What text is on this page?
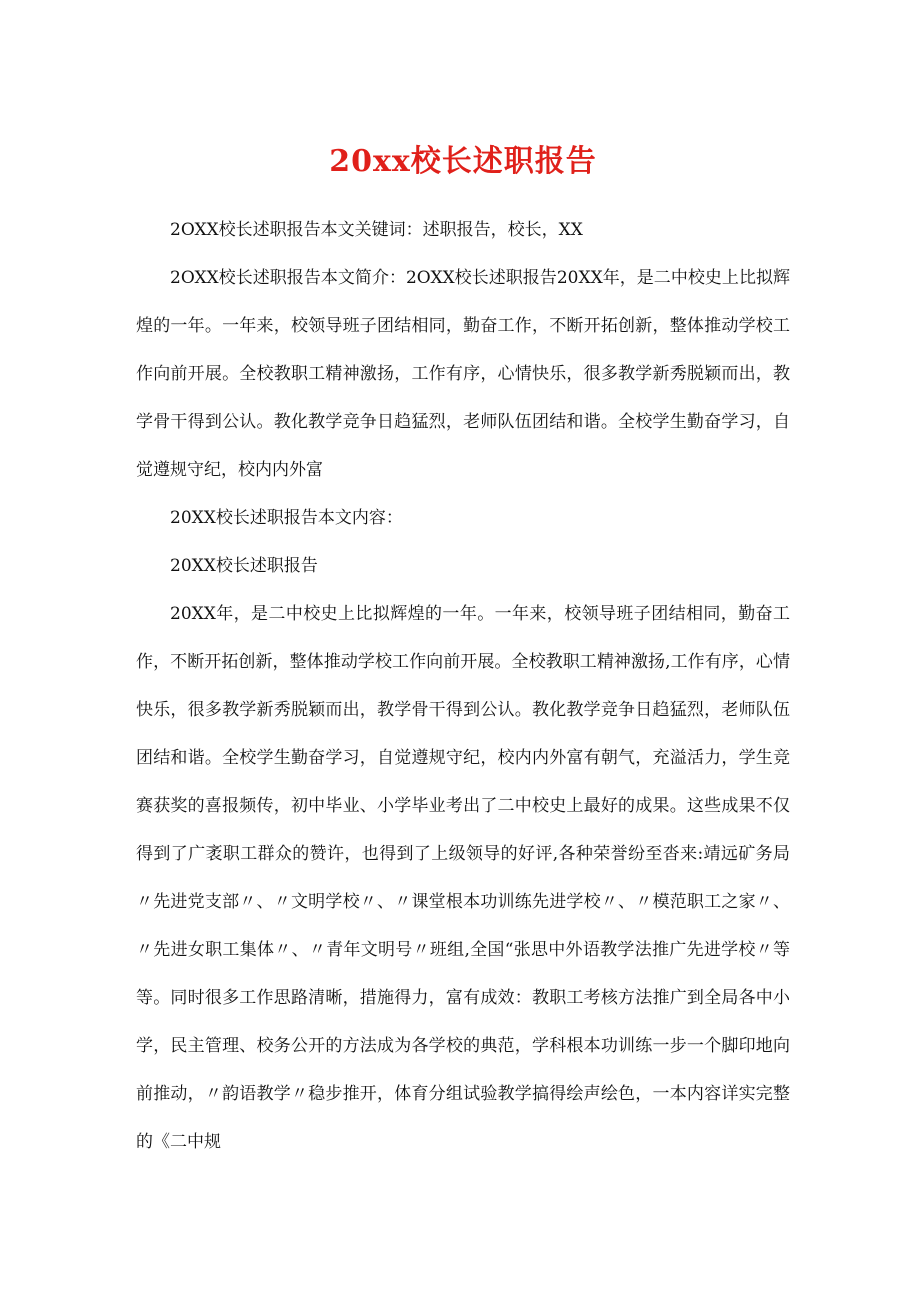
20xx校长述职报告

2OXX校长述职报告本文关键词：述职报告，校长，XX

2OXX校长述职报告本文简介：2OXX校长述职报告20XX年，是二中校史上比拟辉煌的一年。一年来，校领导班子团结相同，勤奋工作，不断开拓创新，整体推动学校工作向前开展。全校教职工精神激扬，工作有序，心情快乐，很多教学新秀脱颖而出，教学骨干得到公认。教化教学竞争日趋猛烈，老师队伍团结和谐。全校学生勤奋学习，自觉遵规守纪，校内内外富

20XX校长述职报告本文内容：

20XX校长述职报告

20XX年，是二中校史上比拟辉煌的一年。一年来，校领导班子团结相同，勤奋工作，不断开拓创新，整体推动学校工作向前开展。全校教职工精神激扬,工作有序，心情快乐，很多教学新秀脱颖而出，教学骨干得到公认。教化教学竞争日趋猛烈，老师队伍团结和谐。全校学生勤奋学习，自觉遵规守纪，校内内外富有朝气，充溢活力，学生竞赛获奖的喜报频传，初中毕业、小学毕业考出了二中校史上最好的成果。这些成果不仅得到了广袤职工群众的赞许，也得到了上级领导的好评,各种荣誉纷至沓来:靖远矿务局〃先进党支部〃、〃文明学校〃、〃课堂根本功训练先进学校〃、〃模范职工之家〃、〃先进女职工集体〃、〃青年文明号〃班组,全国“张思中外语教学法推广先进学校〃等等。同时很多工作思路清晰，措施得力，富有成效：教职工考核方法推广到全局各中小学，民主管理、校务公开的方法成为各学校的典范，学科根本功训练一步一个脚印地向前推动，〃韵语教学〃稳步推开，体育分组试验教学搞得绘声绘色，一本内容详实完整的《二中规
